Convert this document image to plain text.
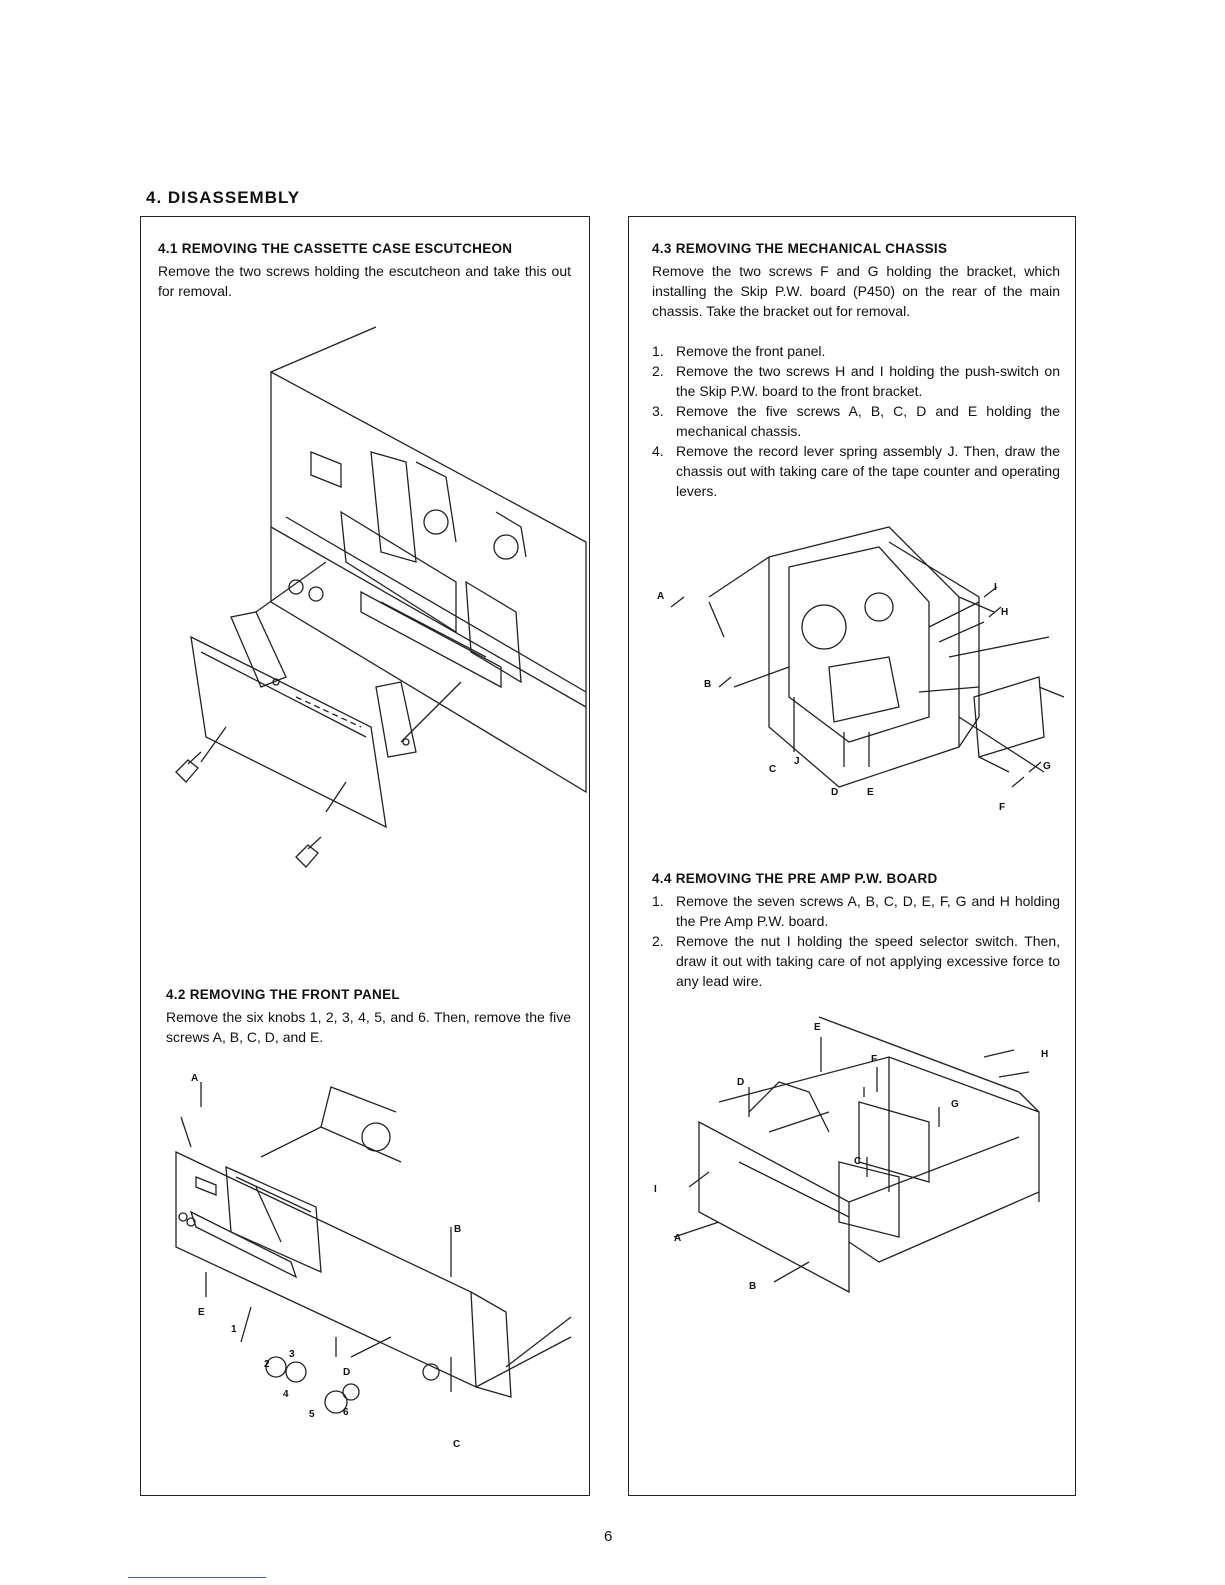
4. DISASSEMBLY
4.1 REMOVING THE CASSETTE CASE ESCUTCHEON
Remove the two screws holding the escutcheon and take this out for removal.
4.2 REMOVING THE FRONT PANEL
Remove the six knobs 1, 2, 3, 4, 5, and 6. Then, remove the five screws A, B, C, D, and E.
A
B
C
D
E
1
2
3
4
5	6
4.3 REMOVING THE MECHANICAL CHASSIS
Remove the two screws F and G holding the bracket, which installing the Skip P.W. board (P450) on the rear of the main chassis. Take the bracket out for removal.
1. Remove the front panel.
2. Remove the two screws H and I holding the push-switch on the Skip P.W. board to the front bracket.
3. Remove the five screws A, B, C, D and E holding the mechanical chassis.
4. Remove the record lever spring assembly J. Then, draw the chassis out with taking care of the tape counter and operating levers.
A
B
C
J
D	E
I
H
G
F
4.4 REMOVING THE PRE AMP P.W. BOARD
1. Remove the seven screws A, B, C, D, E, F, G and H holding the Pre Amp P.W. board.
2. Remove the nut I holding the speed selector switch. Then, draw it out with taking care of not applying excessive force to any lead wire.
E
F
G
H
D
C
I
A
B
6
